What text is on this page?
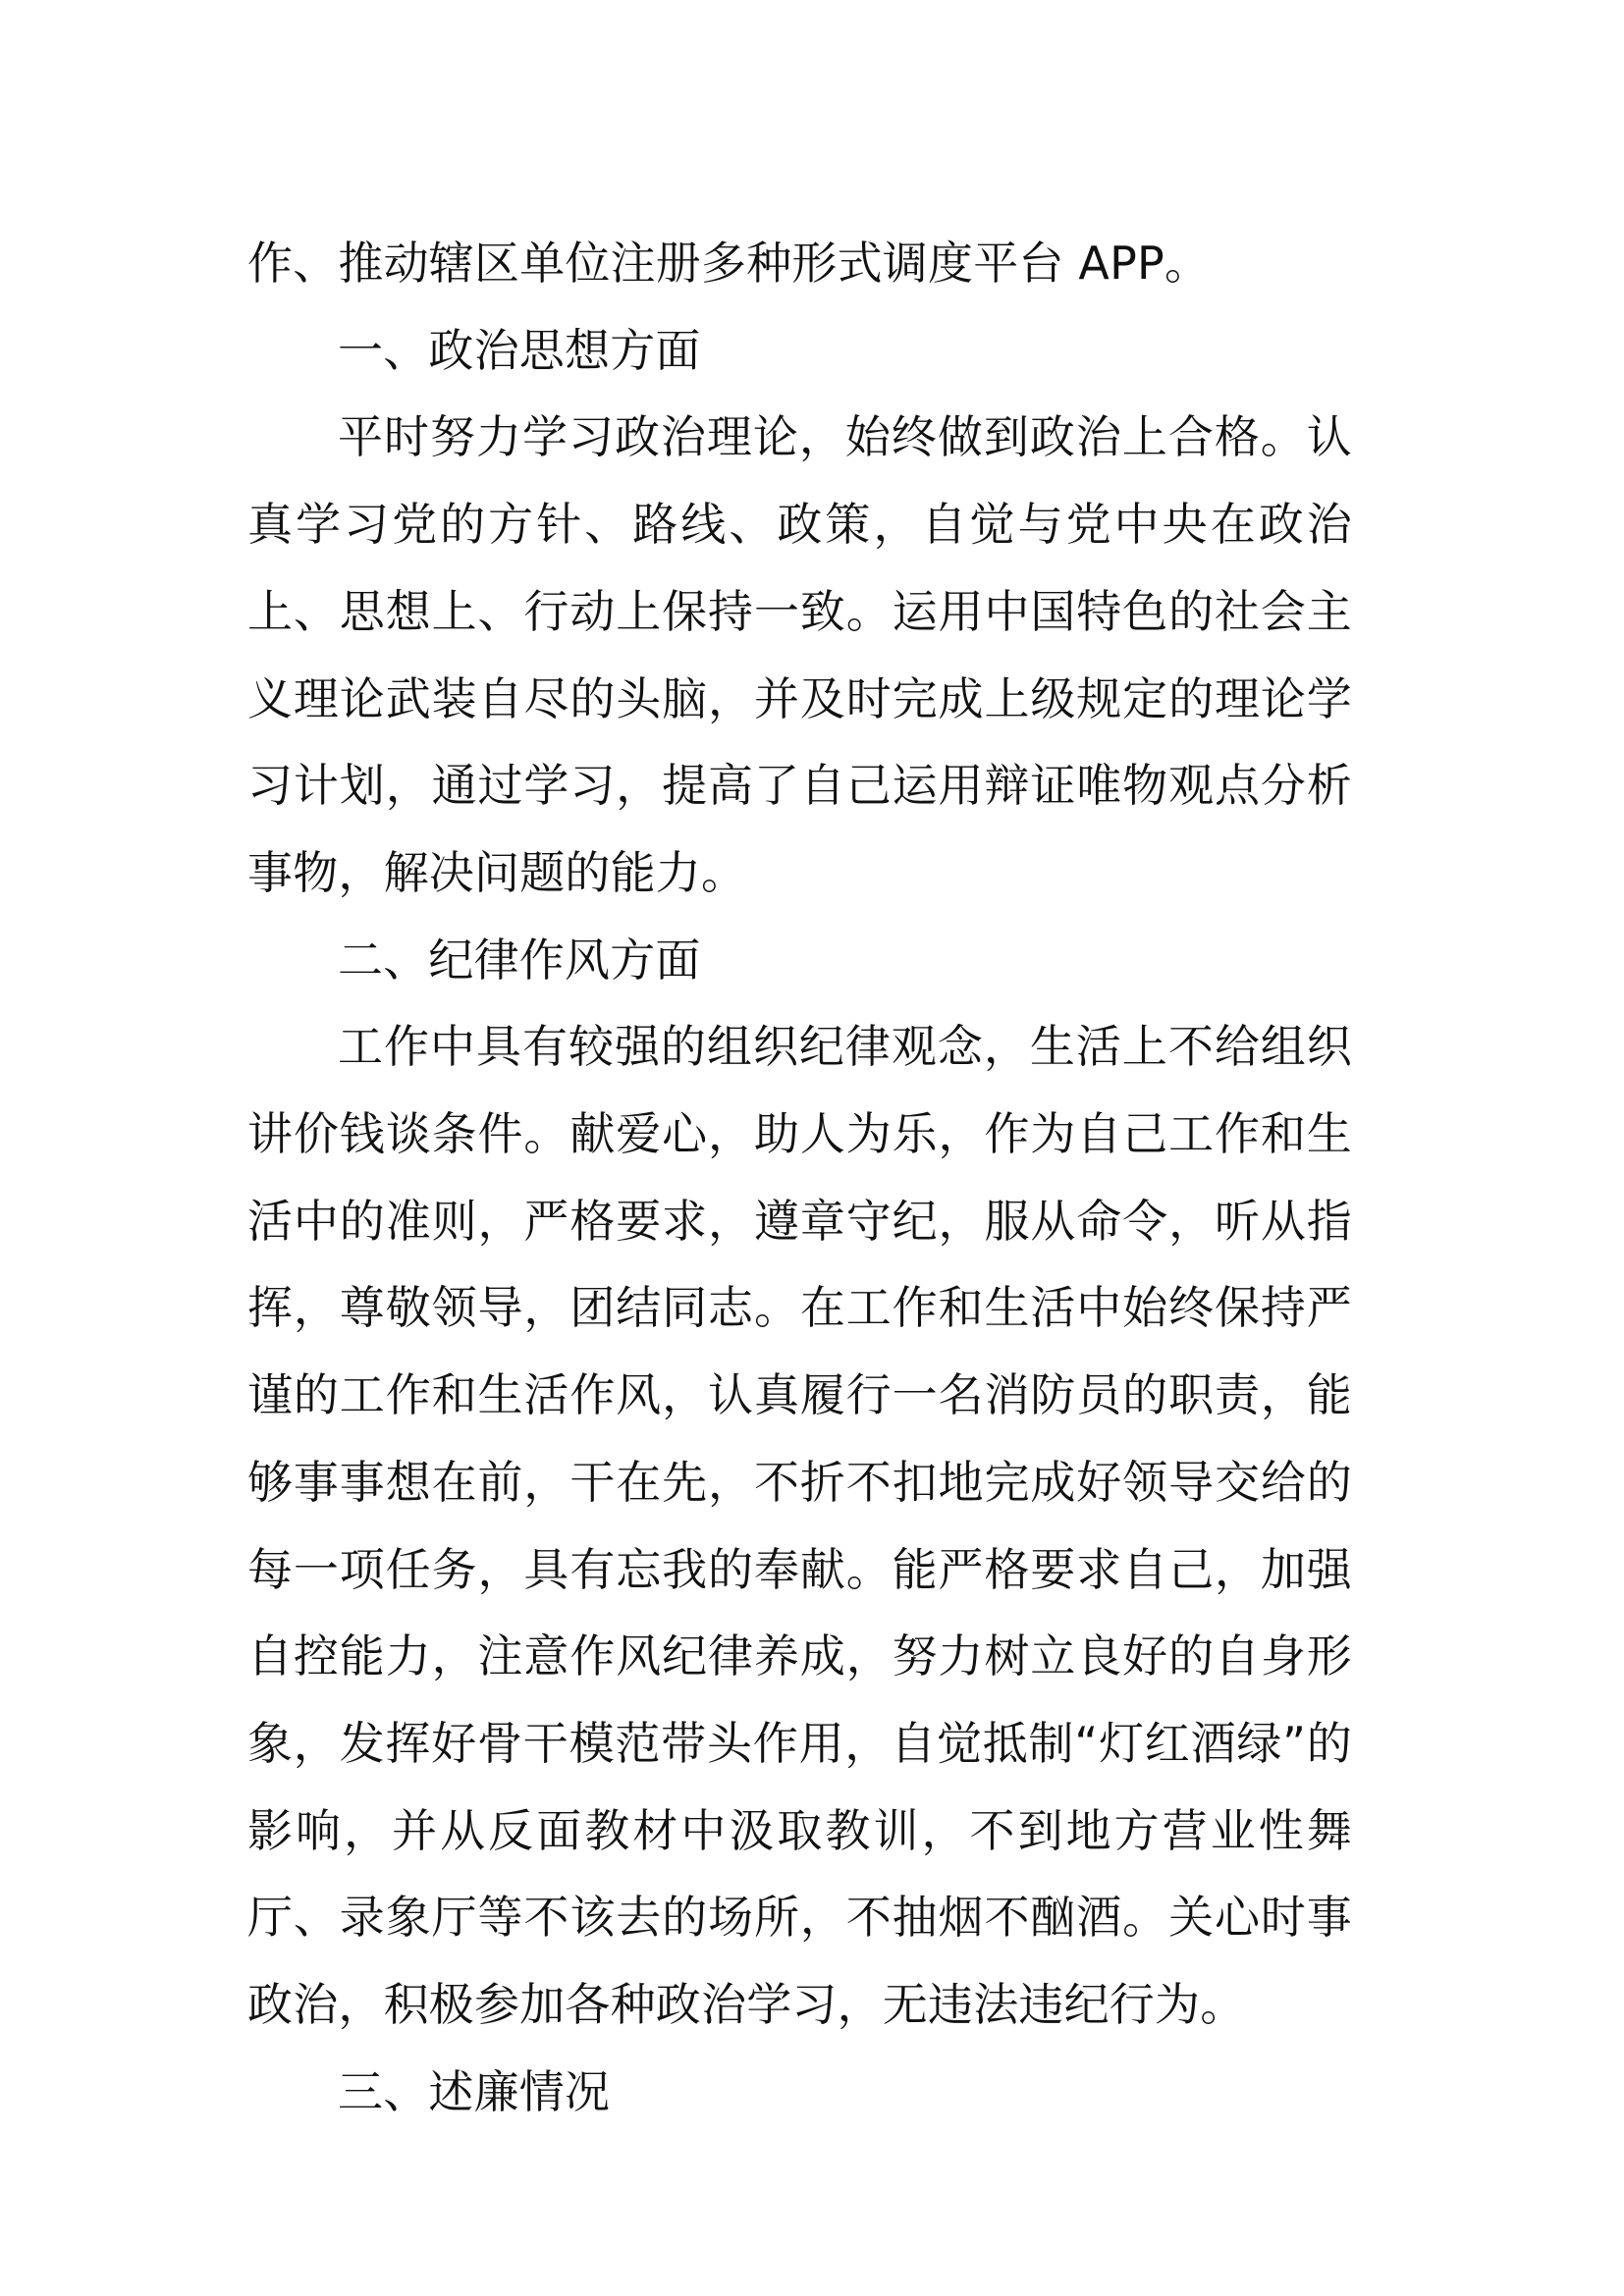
作、推动辖区单位注册多种形式调度平台 APP。

一、政治思想方面

平时努力学习政治理论，始终做到政治上合格。认真学习党的方针、路线、政策，自觉与党中央在政治上、思想上、行动上保持一致。运用中国特色的社会主义理论武装自尽的头脑，并及时完成上级规定的理论学习计划，通过学习，提高了自己运用辩证唯物观点分析事物，解决问题的能力。

二、纪律作风方面

工作中具有较强的组织纪律观念，生活上不给组织讲价钱谈条件。献爱心，助人为乐，作为自己工作和生活中的准则，严格要求，遵章守纪，服从命令，听从指挥，尊敬领导，团结同志。在工作和生活中始终保持严谨的工作和生活作风，认真履行一名消防员的职责，能够事事想在前，干在先，不折不扣地完成好领导交给的每一项任务，具有忘我的奉献。能严格要求自己，加强自控能力，注意作风纪律养成，努力树立良好的自身形象，发挥好骨干模范带头作用，自觉抵制“灯红酒绿”的影响，并从反面教材中汲取教训，不到地方营业性舞厅、录象厅等不该去的场所，不抽烟不酗酒。关心时事政治，积极参加各种政治学习，无违法违纪行为。

三、述廉情况
